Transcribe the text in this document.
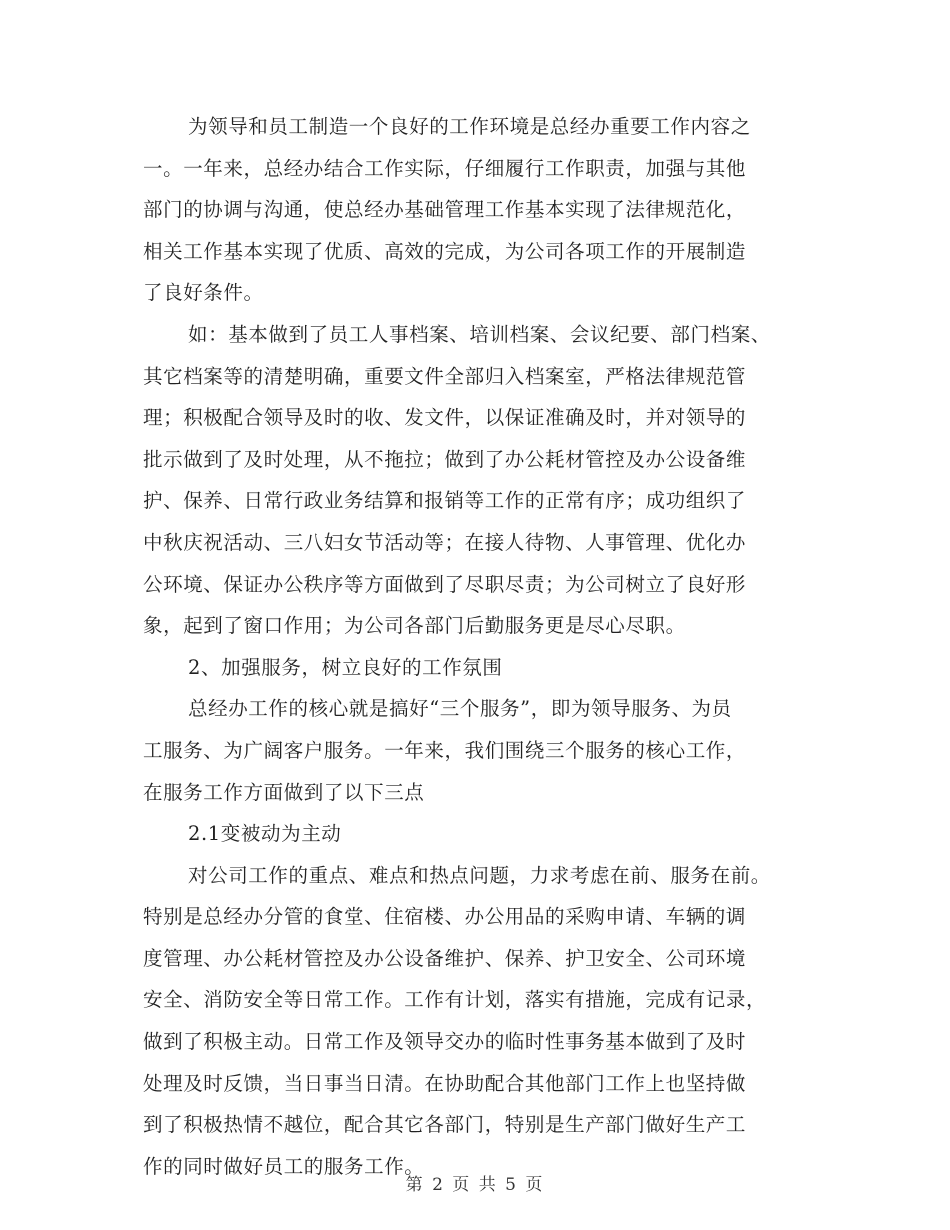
为领导和员工制造一个良好的工作环境是总经办重要工作内容之
一。一年来，总经办结合工作实际，仔细履行工作职责，加强与其他
部门的协调与沟通，使总经办基础管理工作基本实现了法律规范化，
相关工作基本实现了优质、高效的完成，为公司各项工作的开展制造
了良好条件。
如：基本做到了员工人事档案、培训档案、会议纪要、部门档案、
其它档案等的清楚明确，重要文件全部归入档案室，严格法律规范管
理；积极配合领导及时的收、发文件，以保证准确及时，并对领导的
批示做到了及时处理，从不拖拉；做到了办公耗材管控及办公设备维
护、保养、日常行政业务结算和报销等工作的正常有序；成功组织了
中秋庆祝活动、三八妇女节活动等；在接人待物、人事管理、优化办
公环境、保证办公秩序等方面做到了尽职尽责；为公司树立了良好形
象，起到了窗口作用；为公司各部门后勤服务更是尽心尽职。
2、加强服务，树立良好的工作氛围
总经办工作的核心就是搞好“三个服务”，即为领导服务、为员
工服务、为广阔客户服务。一年来，我们围绕三个服务的核心工作，
在服务工作方面做到了以下三点
2.1变被动为主动
对公司工作的重点、难点和热点问题，力求考虑在前、服务在前。
特别是总经办分管的食堂、住宿楼、办公用品的采购申请、车辆的调
度管理、办公耗材管控及办公设备维护、保养、护卫安全、公司环境
安全、消防安全等日常工作。工作有计划，落实有措施，完成有记录，
做到了积极主动。日常工作及领导交办的临时性事务基本做到了及时
处理及时反馈，当日事当日清。在协助配合其他部门工作上也坚持做
到了积极热情不越位，配合其它各部门，特别是生产部门做好生产工
作的同时做好员工的服务工作。
第 2 页 共 5 页
